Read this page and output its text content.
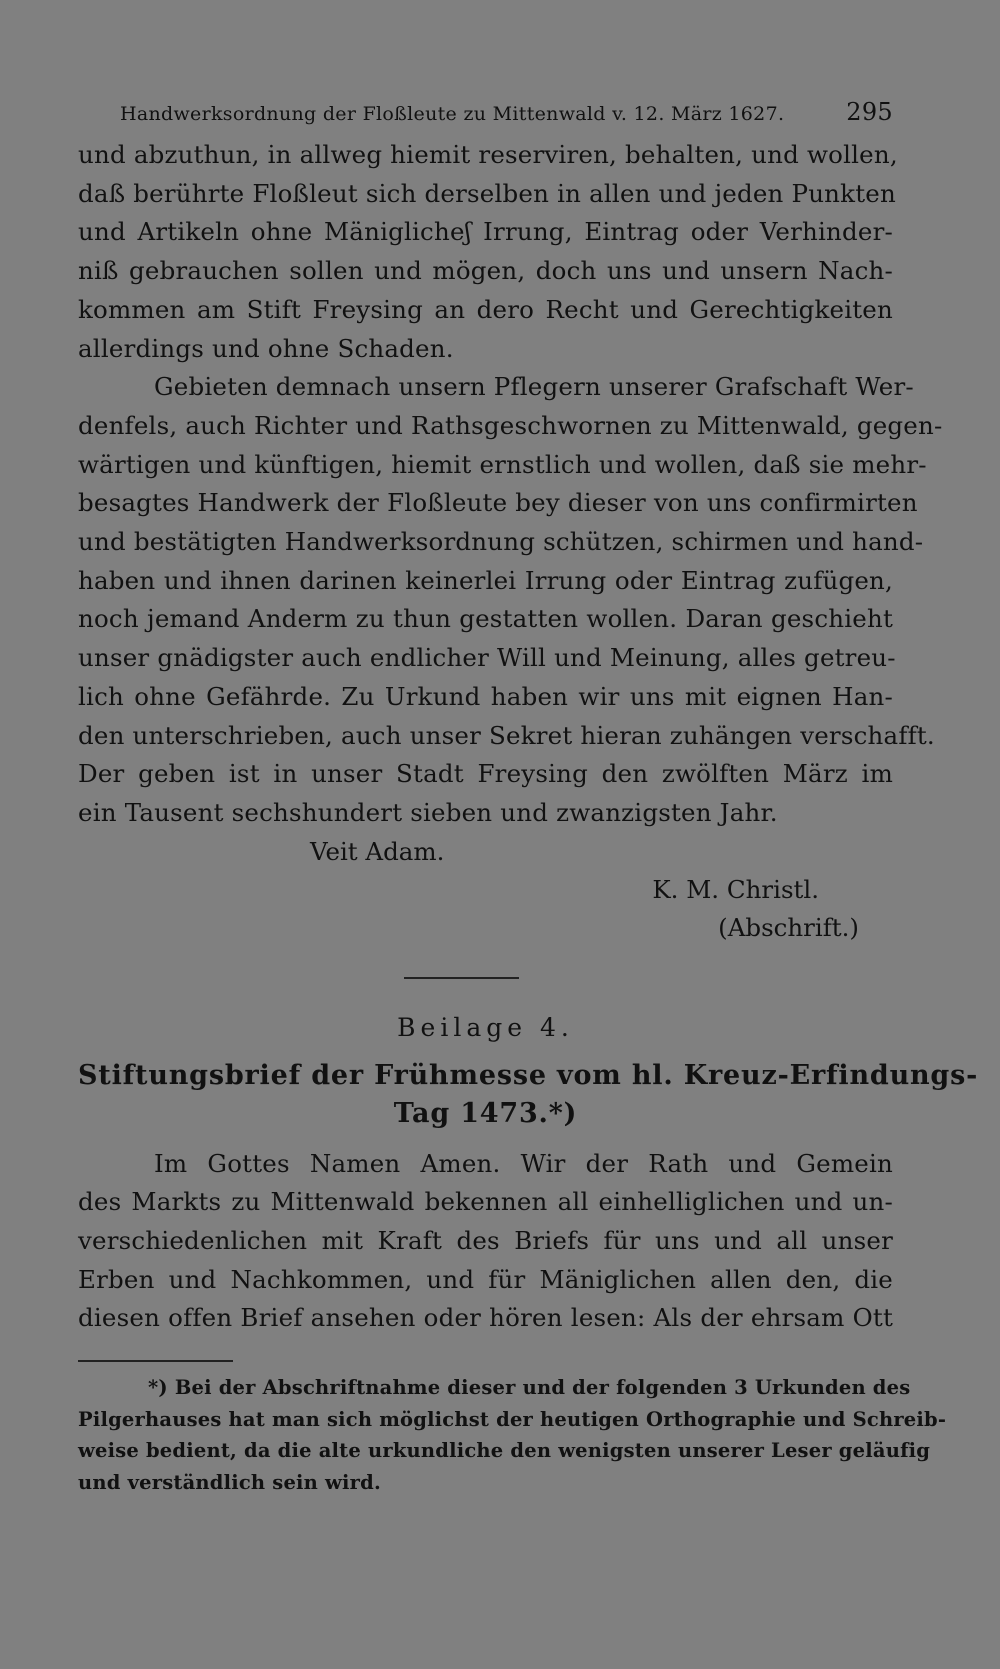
Handwerksordnung der Floßleute zu Mittenwald v. 12. März 1627.	295
und abzuthun, in allweg hiemit reserviren, behalten, und wollen,
daß berührte Floßleut sich derselben in allen und jeden Punkten
und Artikeln ohne Mäniglicheʃ Irrung, Eintrag oder Verhinder-
niß gebrauchen sollen und mögen, doch uns und unsern Nach-
kommen am Stift Freysing an dero Recht und Gerechtigkeiten
allerdings und ohne Schaden.
Gebieten demnach unsern Pflegern unserer Grafschaft Wer-
denfels, auch Richter und Rathsgeschwornen zu Mittenwald, gegen-
wärtigen und künftigen, hiemit ernstlich und wollen, daß sie mehr-
besagtes Handwerk der Floßleute bey dieser von uns confirmirten
und bestätigten Handwerksordnung schützen, schirmen und hand-
haben und ihnen darinen keinerlei Irrung oder Eintrag zufügen,
noch jemand Anderm zu thun gestatten wollen. Daran geschieht
unser gnädigster auch endlicher Will und Meinung, alles getreu-
lich ohne Gefährde. Zu Urkund haben wir uns mit eignen Han-
den unterschrieben, auch unser Sekret hieran zuhängen verschafft.
Der geben ist in unser Stadt Freysing den zwölften März im
ein Tausent sechshundert sieben und zwanzigsten Jahr.
Veit Adam.
K. M. Christl.
(Abschrift.)
Beilage 4.
Stiftungsbrief der Frühmesse vom hl. Kreuz-Erfindungs-
Tag 1473.*)
Im Gottes Namen Amen. Wir der Rath und Gemein
des Markts zu Mittenwald bekennen all einhelliglichen und un-
verschiedenlichen mit Kraft des Briefs für uns und all unser
Erben und Nachkommen, und für Mäniglichen allen den, die
diesen offen Brief ansehen oder hören lesen: Als der ehrsam Ott
*) Bei der Abschriftnahme dieser und der folgenden 3 Urkunden des
Pilgerhauses hat man sich möglichst der heutigen Orthographie und Schreib-
weise bedient, da die alte urkundliche den wenigsten unserer Leser geläufig
und verständlich sein wird.
